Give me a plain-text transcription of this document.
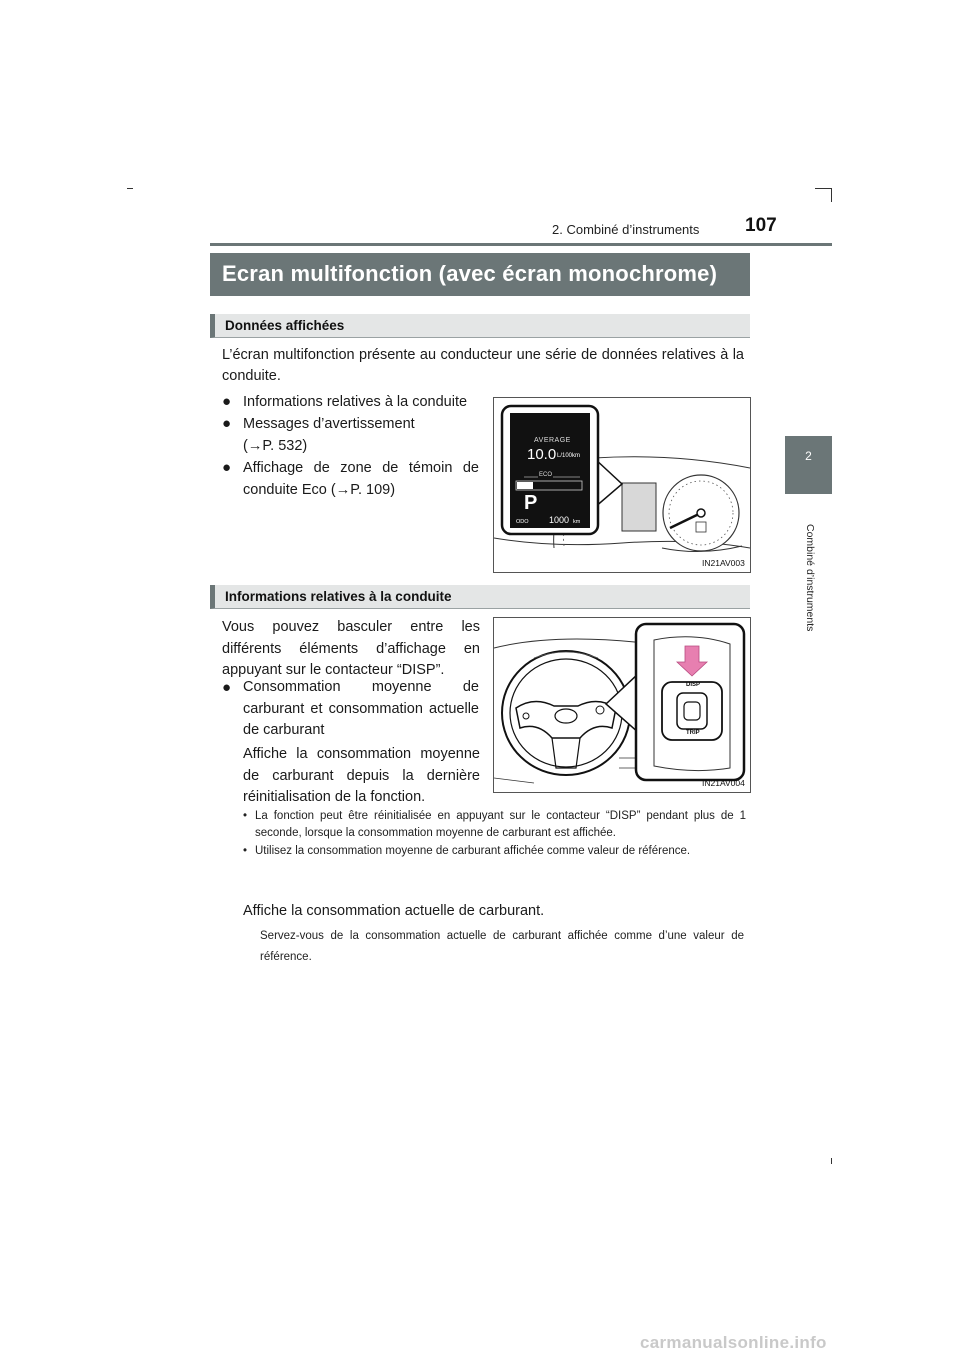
2. Combiné d’instruments 107
2
Combiné d’instruments
Ecran multifonction (avec écran monochrome)
Données affichées
L’écran multifonction présente au conducteur une série de données relatives à la conduite.
● Informations relatives à la conduite
● Messages d’avertissement (→P. 532)
● Affichage de zone de témoin de conduite Eco (→P. 109)
AVERAGE
10.0 L/100km
ECO
P
ODO 1000 km
IN21AV003
Informations relatives à la conduite
Vous pouvez basculer entre les différents éléments d’affichage en appuyant sur le contacteur “DISP”.
● Consommation moyenne de carburant et consommation actuelle de carburant
Affiche la consommation moyenne de carburant depuis la dernière réinitialisation de la fonction.
• La fonction peut être réinitialisée en appuyant sur le contacteur “DISP” pendant plus de 1 seconde, lorsque la consommation moyenne de carburant est affichée.
• Utilisez la consommation moyenne de carburant affichée comme valeur de référence.
Affiche la consommation actuelle de carburant.
Servez-vous de la consommation actuelle de carburant affichée comme d’une valeur de référence.
DISP
TRIP
IN21AV004
carmanualsonline.info
